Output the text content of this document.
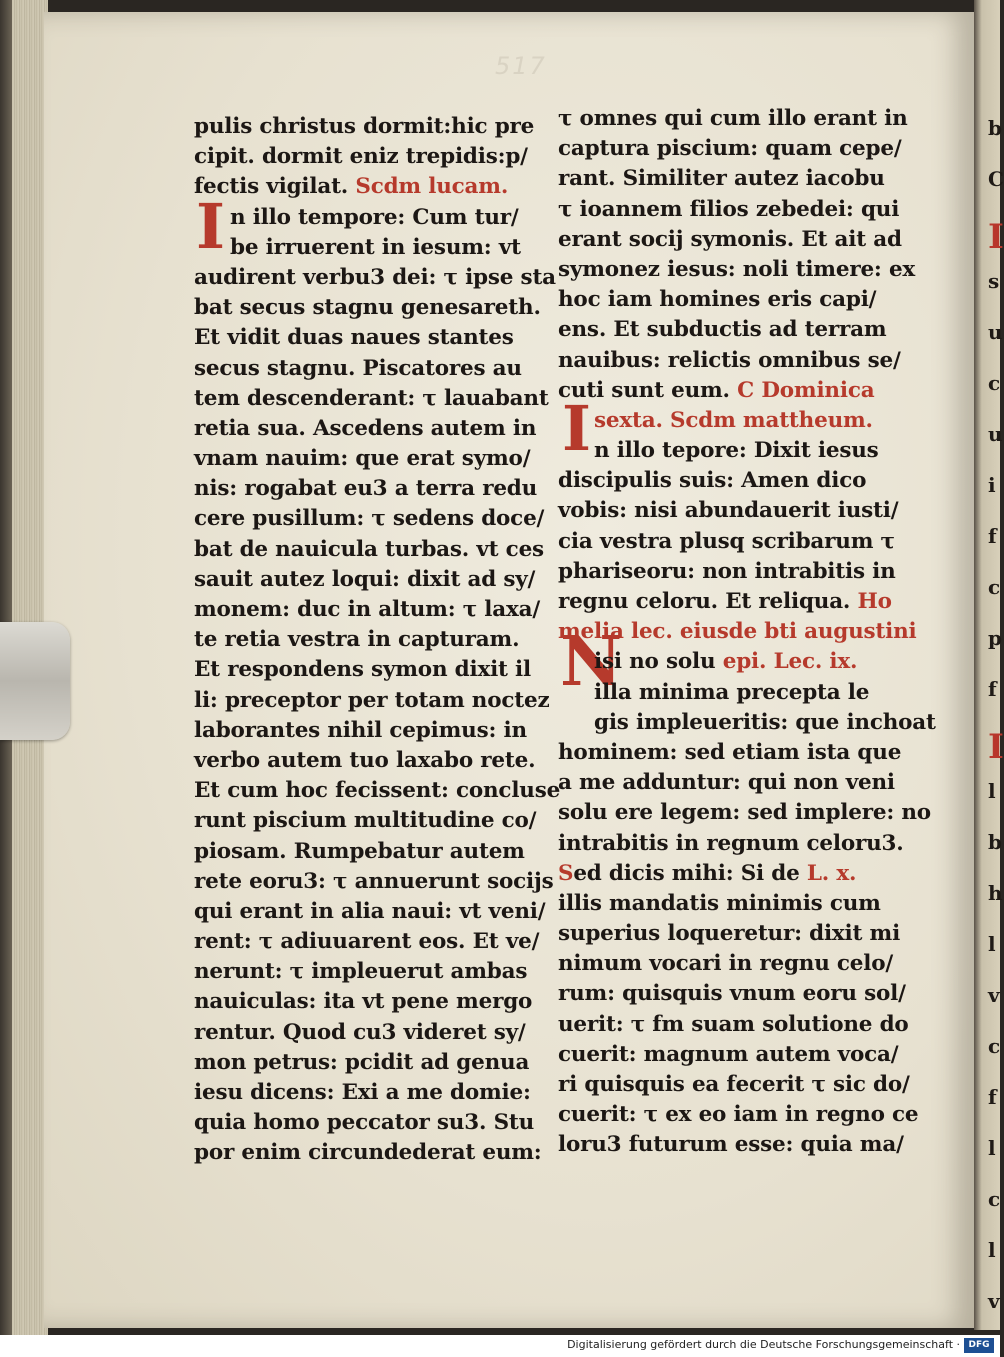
b
C
I
s
u
c
u
i
f
c
p
f
I
l
b
h
l
v
c
f
l
c
l
v
517
I
I
N
pulis christus dormit:hic pre
cipit. dormit eniz trepidis:p/
fectis vigilat. Scdm lucam.
n illo tempore: Cum tur/
be irruerent in iesum: vt
audirent verbu3 dei: τ ipse sta
bat secus stagnu genesareth.
Et vidit duas naues stantes
secus stagnu. Piscatores au
tem descenderant: τ lauabant
retia sua. Ascedens autem in
vnam nauim: que erat symo/
nis: rogabat eu3 a terra redu
cere pusillum: τ sedens doce/
bat de nauicula turbas. vt ces
sauit autez loqui: dixit ad sy/
monem: duc in altum: τ laxa/
te retia vestra in capturam.
Et respondens symon dixit il
li: preceptor per totam noctez
laborantes nihil cepimus: in
verbo autem tuo laxabo rete.
Et cum hoc fecissent: concluse
runt piscium multitudine co/
piosam. Rumpebatur autem
rete eoru3: τ annuerunt socijs
qui erant in alia naui: vt veni/
rent: τ adiuuarent eos. Et ve/
nerunt: τ impleuerut ambas
nauiculas: ita vt pene mergo
rentur. Quod cu3 videret sy/
mon petrus: pcidit ad genua
iesu dicens: Exi a me domie:
quia homo peccator su3. Stu
por enim circundederat eum:
τ omnes qui cum illo erant in
captura piscium: quam cepe/
rant. Similiter autez iacobu
τ ioannem filios zebedei: qui
erant socij symonis. Et ait ad
symonez iesus: noli timere: ex
hoc iam homines eris capi/
ens. Et subductis ad terram
nauibus: relictis omnibus se/
cuti sunt eum. C Dominica
sexta. Scdm mattheum.
n illo tepore: Dixit iesus
discipulis suis: Amen dico
vobis: nisi abundauerit iusti/
cia vestra plusq scribarum τ
phariseoru: non intrabitis in
regnu celoru. Et reliqua. Ho
melia lec. eiusde bti augustini
isi no solu epi. Lec. ix.
illa minima precepta le
gis impleueritis: que inchoat
hominem: sed etiam ista que
a me adduntur: qui non veni
solu ere legem: sed implere: no
intrabitis in regnum celoru3.
Sed dicis mihi: Si de L. x.
illis mandatis minimis cum
superius loqueretur: dixit mi
nimum vocari in regnu celo/
rum: quisquis vnum eoru sol/
uerit: τ fm suam solutione do
cuerit: magnum autem voca/
ri quisquis ea fecerit τ sic do/
cuerit: τ ex eo iam in regno ce
loru3 futurum esse: quia ma/
Digitalisierung gefördert durch die Deutsche Forschungsgemeinschaft · DFG
